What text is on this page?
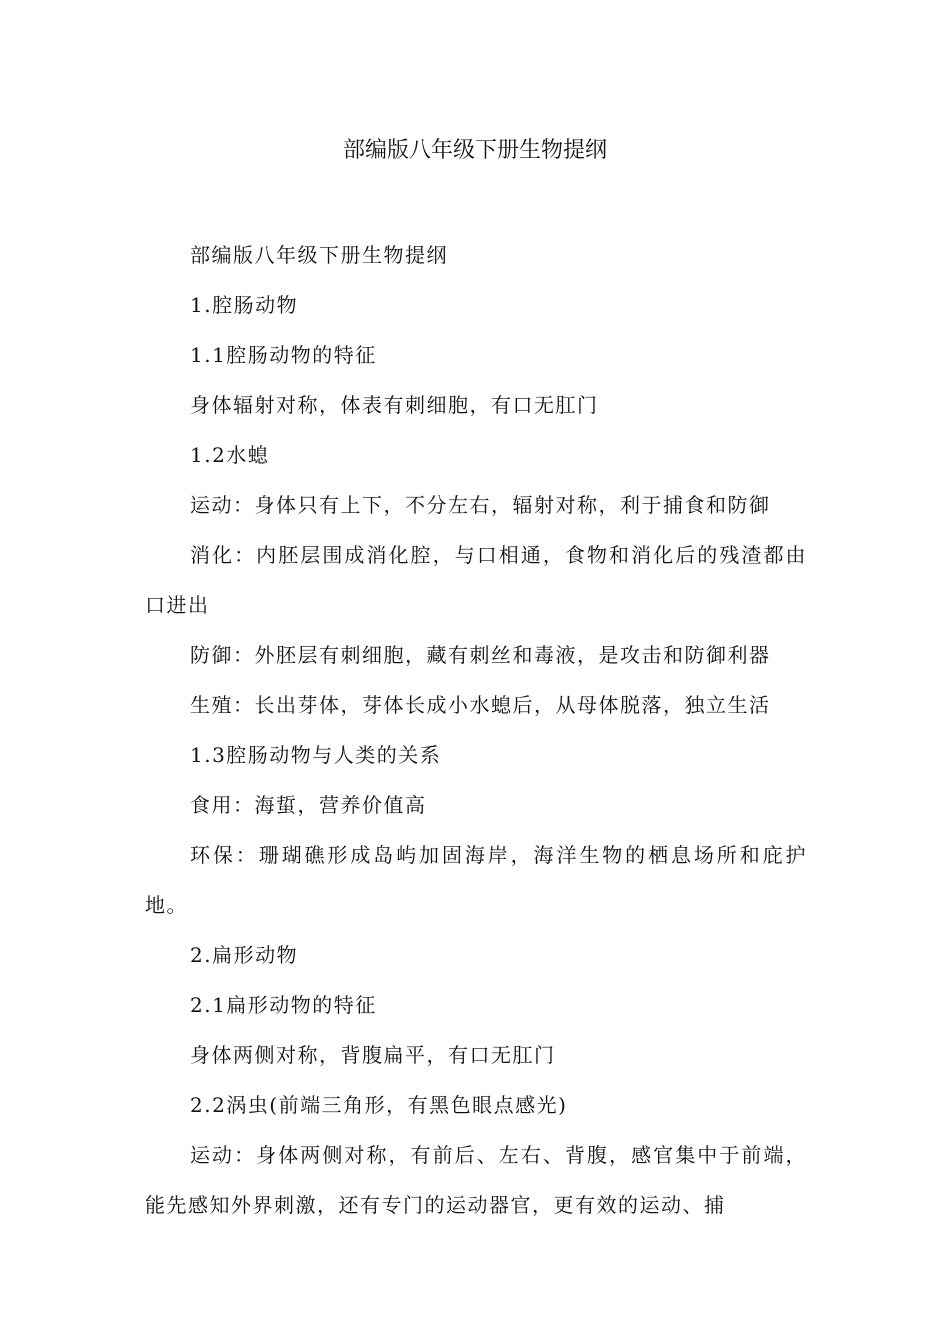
部编版八年级下册生物提纲

部编版八年级下册生物提纲

1.腔肠动物

1.1腔肠动物的特征

身体辐射对称，体表有刺细胞，有口无肛门

1.2水螅

运动：身体只有上下，不分左右，辐射对称，利于捕食和防御

消化：内胚层围成消化腔，与口相通，食物和消化后的残渣都由口进出

防御：外胚层有刺细胞，藏有刺丝和毒液，是攻击和防御利器

生殖：长出芽体，芽体长成小水螅后，从母体脱落，独立生活

1.3腔肠动物与人类的关系

食用：海蜇，营养价值高

环保：珊瑚礁形成岛屿加固海岸，海洋生物的栖息场所和庇护地。

2.扁形动物

2.1扁形动物的特征

身体两侧对称，背腹扁平，有口无肛门

2.2涡虫(前端三角形，有黑色眼点感光)

运动：身体两侧对称，有前后、左右、背腹，感官集中于前端，能先感知外界刺激，还有专门的运动器官，更有效的运动、捕
